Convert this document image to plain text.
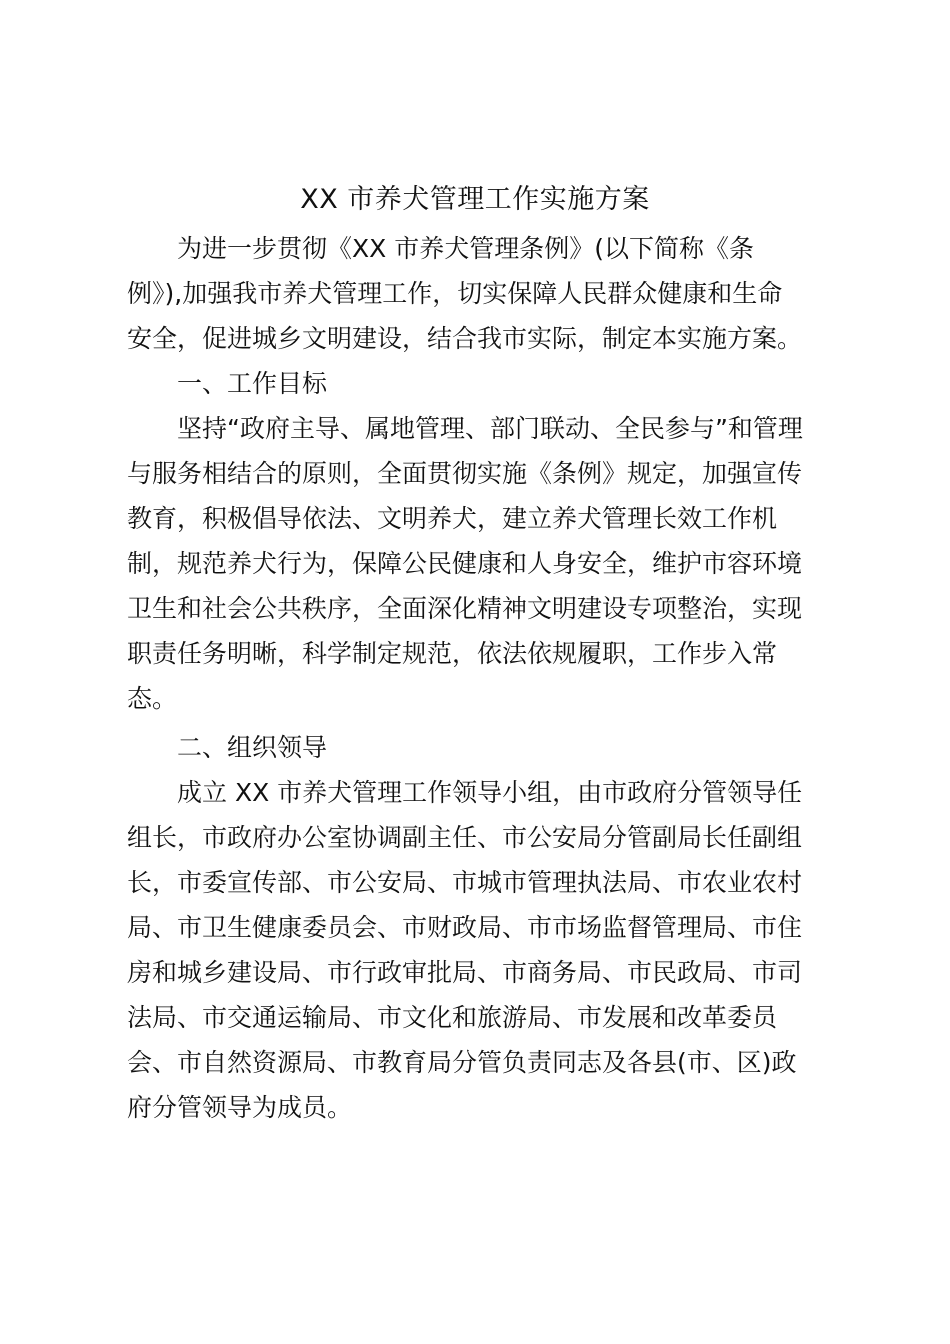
XX 市养犬管理工作实施方案
为进一步贯彻《XX 市养犬管理条例》(以下简称《条
例》),加强我市养犬管理工作，切实保障人民群众健康和生命
安全，促进城乡文明建设，结合我市实际，制定本实施方案。
一、工作目标
坚持“政府主导、属地管理、部门联动、全民参与”和管理
与服务相结合的原则，全面贯彻实施《条例》规定，加强宣传
教育，积极倡导依法、文明养犬，建立养犬管理长效工作机
制，规范养犬行为，保障公民健康和人身安全，维护市容环境
卫生和社会公共秩序，全面深化精神文明建设专项整治，实现
职责任务明晰，科学制定规范，依法依规履职，工作步入常
态。
二、组织领导
成立 XX 市养犬管理工作领导小组，由市政府分管领导任
组长，市政府办公室协调副主任、市公安局分管副局长任副组
长，市委宣传部、市公安局、市城市管理执法局、市农业农村
局、市卫生健康委员会、市财政局、市市场监督管理局、市住
房和城乡建设局、市行政审批局、市商务局、市民政局、市司
法局、市交通运输局、市文化和旅游局、市发展和改革委员
会、市自然资源局、市教育局分管负责同志及各县(市、区)政
府分管领导为成员。
